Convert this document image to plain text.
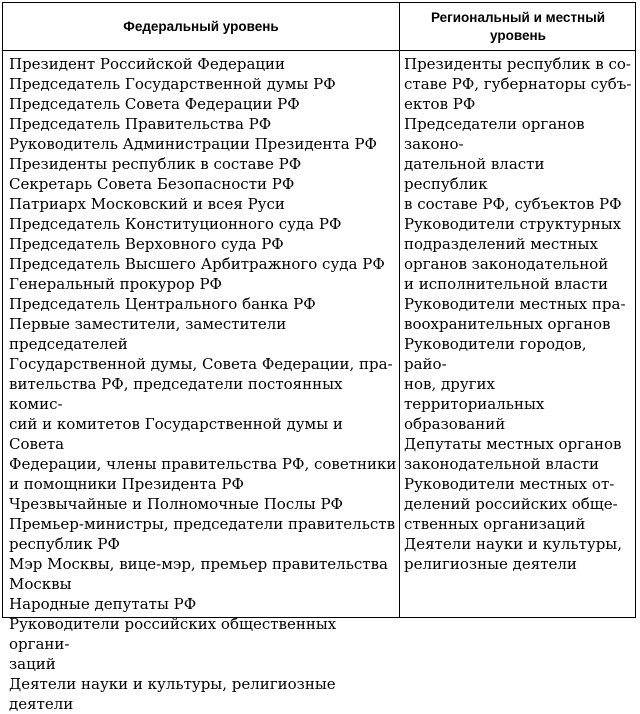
Федеральный уровень
Региональный и местный
уровень
Президент Российской Федерации
Председатель Государственной думы РФ
Председатель Совета Федерации РФ
Председатель Правительства РФ
Руководитель Администрации Президента РФ
Президенты республик в составе РФ
Секретарь Совета Безопасности РФ
Патриарх Московский и всея Руси
Председатель Конституционного суда РФ
Председатель Верховного суда РФ
Председатель Высшего Арбитражного суда РФ
Генеральный прокурор РФ
Председатель Центрального банка РФ
Первые заместители, заместители председателей
Государственной думы, Совета Федерации, пра-
вительства РФ, председатели постоянных комис-
сий и комитетов Государственной думы и Совета
Федерации, члены правительства РФ, советники
и помощники Президента РФ
Чрезвычайные и Полномочные Послы РФ
Премьер-министры, председатели правительств
республик РФ
Мэр Москвы, вице-мэр, премьер правительства
Москвы
Народные депутаты РФ
Руководители российских общественных органи-
заций
Деятели науки и культуры, религиозные деятели
Президенты республик в со-
ставе РФ, губернаторы субъ-
ектов РФ
Председатели органов законо-
дательной власти республик
в составе РФ, субъектов РФ
Руководители структурных
подразделений местных
органов законодательной
и исполнительной власти
Руководители местных пра-
воохранительных органов
Руководители городов, райо-
нов, других территориальных
образований
Депутаты местных органов
законодательной власти
Руководители местных от-
делений российских обще-
ственных организаций
Деятели науки и культуры,
религиозные деятели
